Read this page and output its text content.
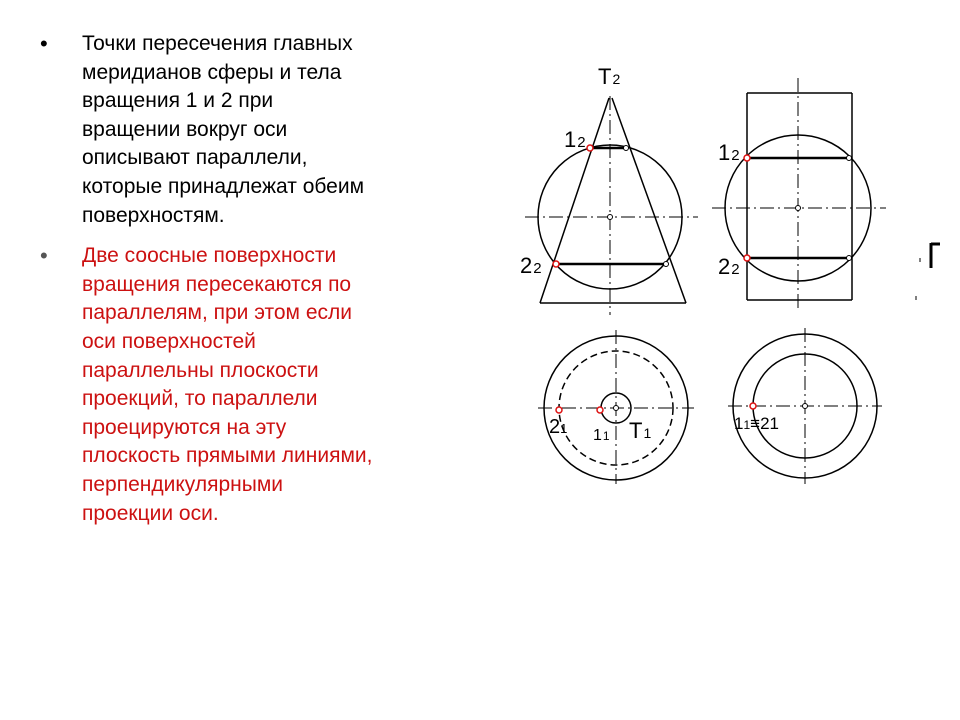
• Точки пересечения главных
меридианов сферы и тела
вращения 1 и 2 при
вращении вокруг оси
описывают параллели,
которые принадлежат обеим
поверхностям.
• Две соосные поверхности
вращения пересекаются по
параллелям, при этом если
оси поверхностей
параллельны плоскости
проекций, то параллели
проецируются на эту
плоскость прямыми линиями,
перпендикулярными
проекции оси.
T2
12
22
12
22
21 11 T1	11≡21
